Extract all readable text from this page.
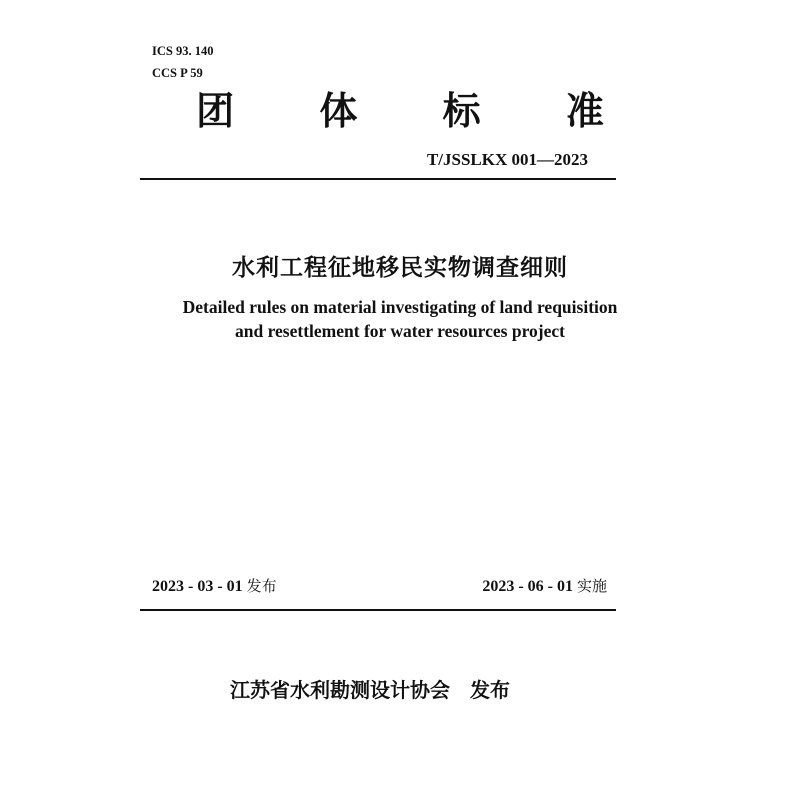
ICS 93. 140
CCS P 59
团 体 标 准
T/JSSLKX 001—2023
水利工程征地移民实物调查细则
Detailed rules on material investigating of land requisition
and resettlement for water resources project
2023 - 03 - 01 发布	2023 - 06 - 01 实施
江苏省水利勘测设计协会 发布
